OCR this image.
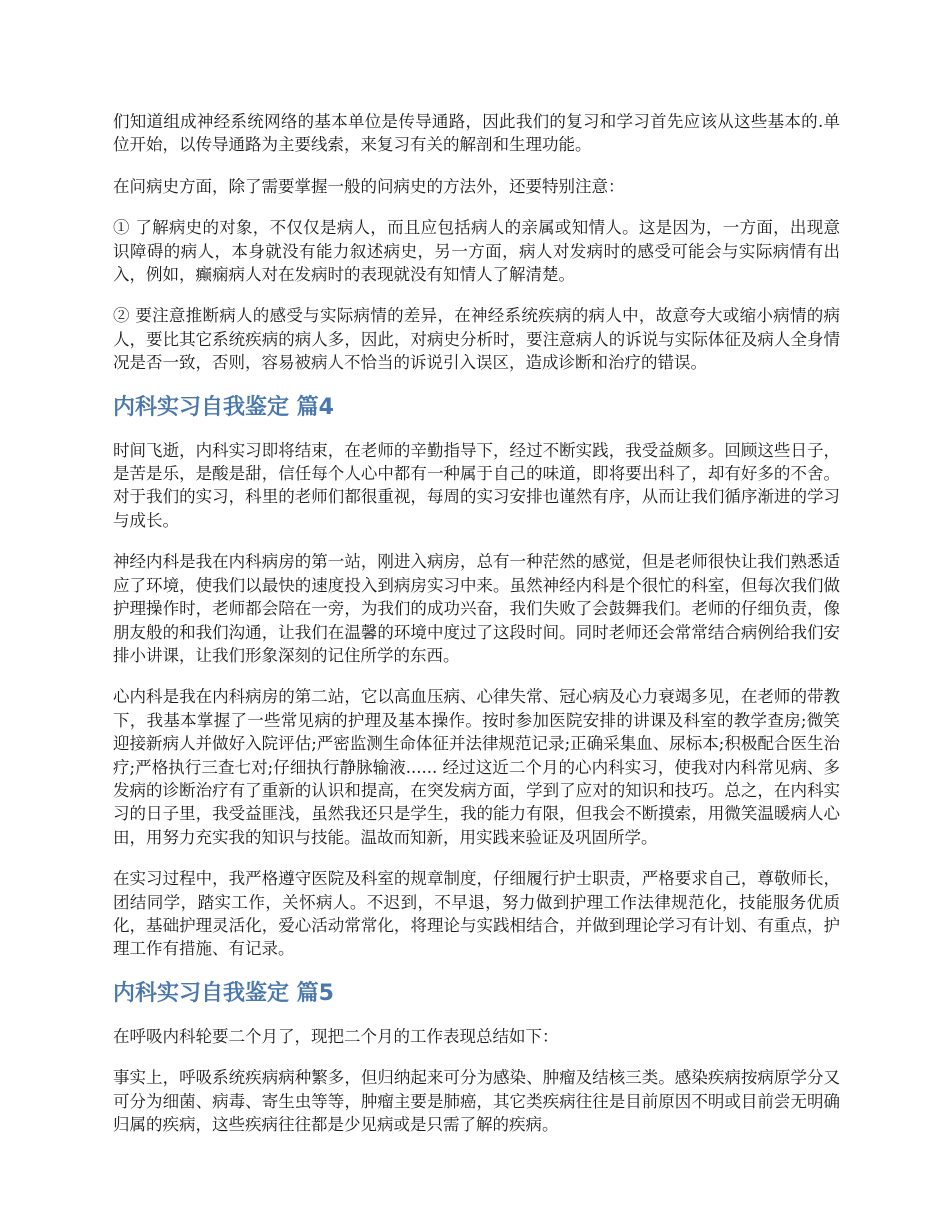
们知道组成神经系统网络的基本单位是传导通路，因此我们的复习和学习首先应该从这些基本的.单位开始，以传导通路为主要线索，来复习有关的解剖和生理功能。

在问病史方面，除了需要掌握一般的问病史的方法外，还要特别注意：

① 了解病史的对象，不仅仅是病人，而且应包括病人的亲属或知情人。这是因为，一方面，出现意识障碍的病人，本身就没有能力叙述病史，另一方面，病人对发病时的感受可能会与实际病情有出入，例如，癫痫病人对在发病时的表现就没有知情人了解清楚。

② 要注意推断病人的感受与实际病情的差异，在神经系统疾病的病人中，故意夸大或缩小病情的病人，要比其它系统疾病的病人多，因此，对病史分析时，要注意病人的诉说与实际体征及病人全身情况是否一致，否则，容易被病人不恰当的诉说引入误区，造成诊断和治疗的错误。

内科实习自我鉴定 篇4

时间飞逝，内科实习即将结束，在老师的辛勤指导下，经过不断实践，我受益颇多。回顾这些日子，是苦是乐，是酸是甜，信任每个人心中都有一种属于自己的味道，即将要出科了，却有好多的不舍。对于我们的实习，科里的老师们都很重视，每周的实习安排也谨然有序，从而让我们循序渐进的学习与成长。

神经内科是我在内科病房的第一站，刚进入病房，总有一种茫然的感觉，但是老师很快让我们熟悉适应了环境，使我们以最快的速度投入到病房实习中来。虽然神经内科是个很忙的科室，但每次我们做护理操作时，老师都会陪在一旁，为我们的成功兴奋，我们失败了会鼓舞我们。老师的仔细负责，像朋友般的和我们沟通，让我们在温馨的环境中度过了这段时间。同时老师还会常常结合病例给我们安排小讲课，让我们形象深刻的记住所学的东西。

心内科是我在内科病房的第二站，它以高血压病、心律失常、冠心病及心力衰竭多见，在老师的带教下，我基本掌握了一些常见病的护理及基本操作。按时参加医院安排的讲课及科室的教学查房;微笑迎接新病人并做好入院评估;严密监测生命体征并法律规范记录;正确采集血、尿标本;积极配合医生治疗;严格执行三查七对;仔细执行静脉输液...... 经过这近二个月的心内科实习，使我对内科常见病、多发病的诊断治疗有了重新的认识和提高，在突发病方面，学到了应对的知识和技巧。总之，在内科实习的日子里，我受益匪浅，虽然我还只是学生，我的能力有限，但我会不断摸索，用微笑温暖病人心田，用努力充实我的知识与技能。温故而知新，用实践来验证及巩固所学。

在实习过程中，我严格遵守医院及科室的规章制度，仔细履行护士职责，严格要求自己，尊敬师长，团结同学，踏实工作，关怀病人。不迟到，不早退，努力做到护理工作法律规范化，技能服务优质化，基础护理灵活化，爱心活动常常化，将理论与实践相结合，并做到理论学习有计划、有重点，护理工作有措施、有记录。

内科实习自我鉴定 篇5

在呼吸内科轮要二个月了，现把二个月的工作表现总结如下：

事实上，呼吸系统疾病病种繁多，但归纳起来可分为感染、肿瘤及结核三类。感染疾病按病原学分又可分为细菌、病毒、寄生虫等等，肿瘤主要是肺癌，其它类疾病往往是目前原因不明或目前尝无明确归属的疾病，这些疾病往往都是少见病或是只需了解的疾病。
